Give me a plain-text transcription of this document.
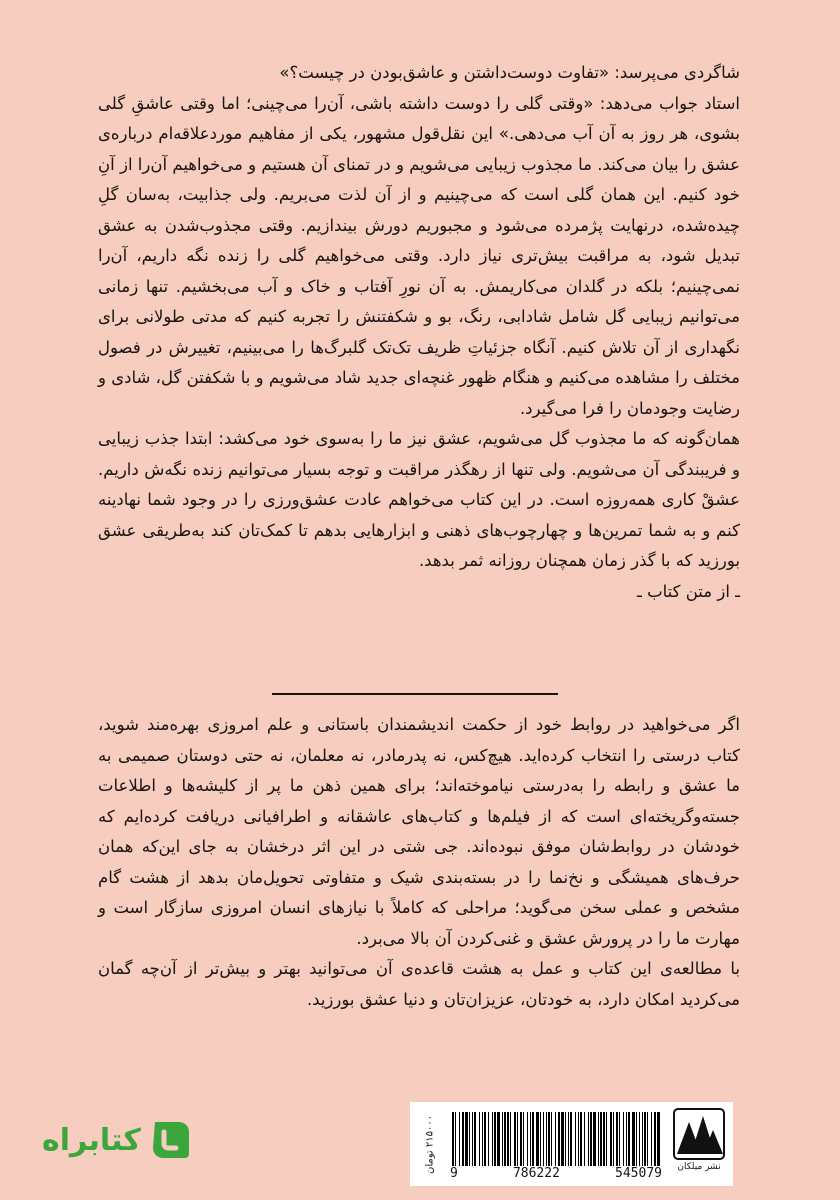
شاگردی می‌پرسد: «تفاوت دوست‌داشتن و عاشق‌بودن در چیست؟»

استاد جواب می‌دهد: «وقتی گلی را دوست داشته باشی، آن‌را می‌چینی؛ اما وقتی عاشقِ گلی بشوی، هر روز به آن آب می‌دهی.» این نقل‌قول مشهور، یکی از مفاهیم موردعلاقه‌ام درباره‌ی عشق را بیان می‌کند. ما مجذوب زیبایی می‌شویم و در تمنای آن هستیم و می‌خواهیم آن‌را از آنِ خود کنیم. این همان گلی است که می‌چینیم و از آن لذت می‌بریم. ولی جذابیت، به‌سان گلِ چیده‌شده، درنهایت پژمرده می‌شود و مجبوریم دورش بیندازیم. وقتی مجذوب‌شدن به عشق تبدیل شود، به مراقبت بیش‌تری نیاز دارد. وقتی می‌خواهیم گلی را زنده نگه داریم، آن‌را نمی‌چینیم؛ بلکه در گلدان می‌کاریمش. به آن نورِ آفتاب و خاک و آب می‌بخشیم. تنها زمانی می‌توانیم زیبایی گل شامل شادابی، رنگ، بو و شکفتنش را تجربه کنیم که مدتی طولانی برای نگهداری از آن تلاش کنیم. آنگاه جزئیاتِ ظریف تک‌تک گلبرگ‌ها را می‌بینیم، تغییرش در فصول مختلف را مشاهده می‌کنیم و هنگام ظهور غنچه‌ای جدید شاد می‌شویم و با شکفتن گل، شادی و رضایت وجودمان را فرا می‌گیرد.

همان‌گونه که ما مجذوب گل می‌شویم، عشق نیز ما را به‌سوی خود می‌کشد: ابتدا جذب زیبایی و فریبندگی آن می‌شویم. ولی تنها از رهگذر مراقبت و توجه بسیار می‌توانیم زنده نگه‌ش داریم. عشقْ کاری همه‌روزه است. در این کتاب می‌خواهم عادت عشق‌ورزی را در وجود شما نهادینه کنم و به شما تمرین‌ها و چهارچوب‌های ذهنی و ابزارهایی بدهم تا کمک‌تان کند به‌طریقی عشق بورزید که با گذر زمان همچنان روزانه ثمر بدهد.

ـ از متن کتاب ـ

اگر می‌خواهید در روابط خود از حکمت اندیشمندان باستانی و علم امروزی بهره‌مند شوید، کتاب درستی را انتخاب کرده‌اید. هیچ‌کس، نه پدرمادر، نه معلمان، نه حتی دوستان صمیمی به ما عشق و رابطه را به‌درستی نیاموخته‌اند؛ برای همین ذهن ما پر از کلیشه‌ها و اطلاعات جسته‌وگریخته‌ای است که از فیلم‌ها و کتاب‌های عاشقانه و اطرافیانی دریافت کرده‌ایم که خودشان در روابط‌شان موفق نبوده‌اند. جی شتی در این اثر درخشان به جای این‌که همان حرف‌های همیشگی و نخ‌نما را در بسته‌بندی شیک و متفاوتی تحویل‌مان بدهد از هشت گام مشخص و عملی سخن می‌گوید؛ مراحلی که کاملاً با نیازهای انسان امروزی سازگار است و مهارت ما را در پرورش عشق و غنی‌کردن آن بالا می‌برد.

با مطالعه‌ی این کتاب و عمل به هشت قاعده‌ی آن می‌توانید بهتر و بیش‌تر از آن‌چه گمان می‌کردید امکان دارد، به خودتان، عزیزان‌تان و دنیا عشق بورزید.

کتابراه
۲۱۵۰۰۰ تومان
9	786222	545079 نشر میلکان
